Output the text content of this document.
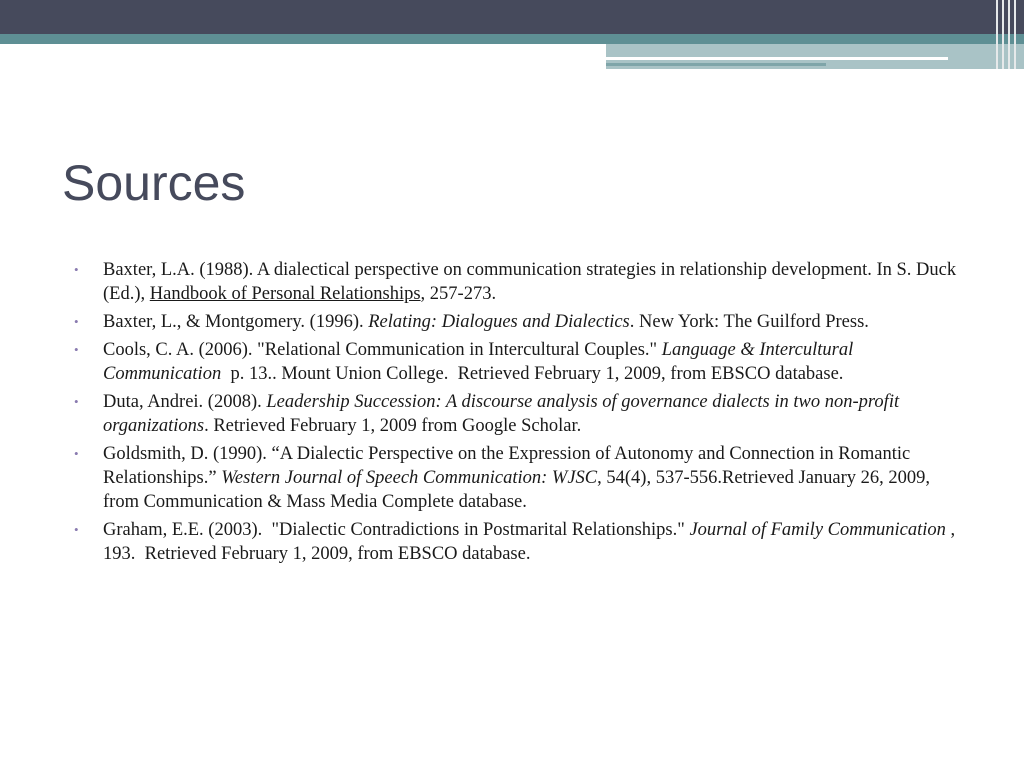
Sources
• Baxter, L.A. (1988). A dialectical perspective on communication strategies in relationship development. In S. Duck (Ed.), Handbook of Personal Relationships, 257-273.
• Baxter, L., & Montgomery. (1996). Relating: Dialogues and Dialectics. New York: The Guilford Press.
• Cools, C. A. (2006). "Relational Communication in Intercultural Couples." Language & Intercultural Communication  p. 13.. Mount Union College.  Retrieved February 1, 2009, from EBSCO database.
• Duta, Andrei. (2008). Leadership Succession: A discourse analysis of governance dialects in two non-profit organizations. Retrieved February 1, 2009 from Google Scholar.
• Goldsmith, D. (1990). “A Dialectic Perspective on the Expression of Autonomy and Connection in Romantic Relationships.” Western Journal of Speech Communication: WJSC, 54(4), 537-556.Retrieved January 26, 2009, from Communication & Mass Media Complete database.
• Graham, E.E. (2003).  "Dialectic Contradictions in Postmarital Relationships." Journal of Family Communication , 193.  Retrieved February 1, 2009, from EBSCO database.
